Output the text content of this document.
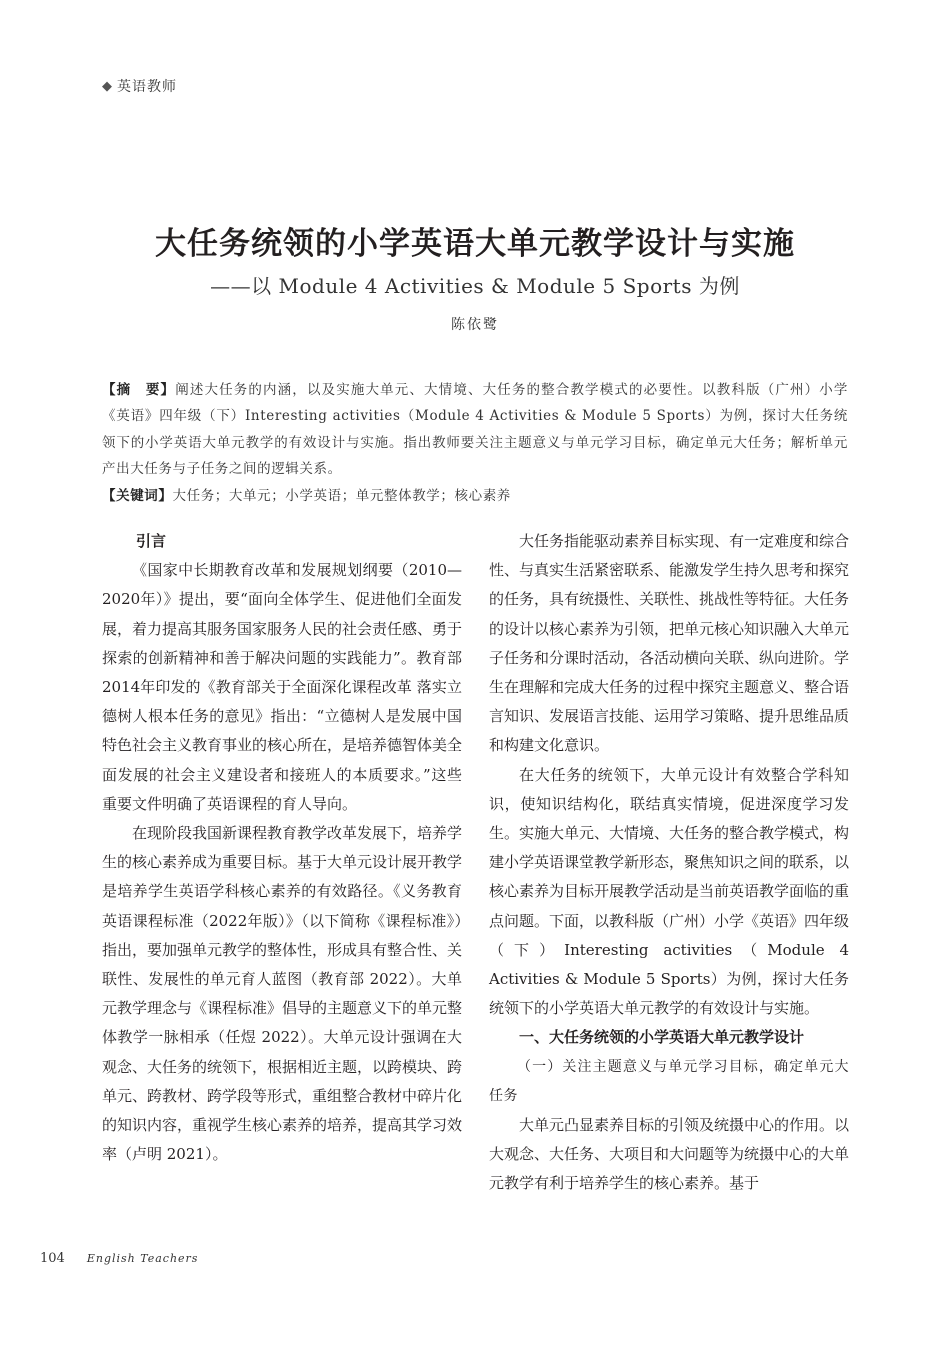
◆ 英语教师
大任务统领的小学英语大单元教学设计与实施
——以 Module 4 Activities & Module 5 Sports 为例
陈依鹭
【摘　要】阐述大任务的内涵，以及实施大单元、大情境、大任务的整合教学模式的必要性。以教科版（广州）小学《英语》四年级（下）Interesting activities（Module 4 Activities & Module 5 Sports）为例，探讨大任务统领下的小学英语大单元教学的有效设计与实施。指出教师要关注主题意义与单元学习目标，确定单元大任务；解析单元产出大任务与子任务之间的逻辑关系。
【关键词】大任务；大单元；小学英语；单元整体教学；核心素养
引言

《国家中长期教育改革和发展规划纲要（2010—2020年）》提出，要“面向全体学生、促进他们全面发展，着力提高其服务国家服务人民的社会责任感、勇于探索的创新精神和善于解决问题的实践能力”。教育部2014年印发的《教育部关于全面深化课程改革 落实立德树人根本任务的意见》指出：“立德树人是发展中国特色社会主义教育事业的核心所在，是培养德智体美全面发展的社会主义建设者和接班人的本质要求。”这些重要文件明确了英语课程的育人导向。

在现阶段我国新课程教育教学改革发展下，培养学生的核心素养成为重要目标。基于大单元设计展开教学是培养学生英语学科核心素养的有效路径。《义务教育英语课程标准（2022年版）》（以下简称《课程标准》）指出，要加强单元教学的整体性，形成具有整合性、关联性、发展性的单元育人蓝图（教育部 2022）。大单元教学理念与《课程标准》倡导的主题意义下的单元整体教学一脉相承（任煜 2022）。大单元设计强调在大观念、大任务的统领下，根据相近主题，以跨模块、跨单元、跨教材、跨学段等形式，重组整合教材中碎片化的知识内容，重视学生核心素养的培养，提高其学习效率（卢明 2021）。

大任务指能驱动素养目标实现、有一定难度和综合性、与真实生活紧密联系、能激发学生持久思考和探究的任务，具有统摄性、关联性、挑战性等特征。大任务的设计以核心素养为引领，把单元核心知识融入大单元子任务和分课时活动，各活动横向关联、纵向进阶。学生在理解和完成大任务的过程中探究主题意义、整合语言知识、发展语言技能、运用学习策略、提升思维品质和构建文化意识。

在大任务的统领下，大单元设计有效整合学科知识，使知识结构化，联结真实情境，促进深度学习发生。实施大单元、大情境、大任务的整合教学模式，构建小学英语课堂教学新形态，聚焦知识之间的联系，以核心素养为目标开展教学活动是当前英语教学面临的重点问题。下面，以教科版（广州）小学《英语》四年级（下）Interesting activities（Module 4 Activities & Module 5 Sports）为例，探讨大任务统领下的小学英语大单元教学的有效设计与实施。

一、大任务统领的小学英语大单元教学设计

（一）关注主题意义与单元学习目标，确定单元大任务

大单元凸显素养目标的引领及统摄中心的作用。以大观念、大任务、大项目和大问题等为统摄中心的大单元教学有利于培养学生的核心素养。基于

104 English Teachers
